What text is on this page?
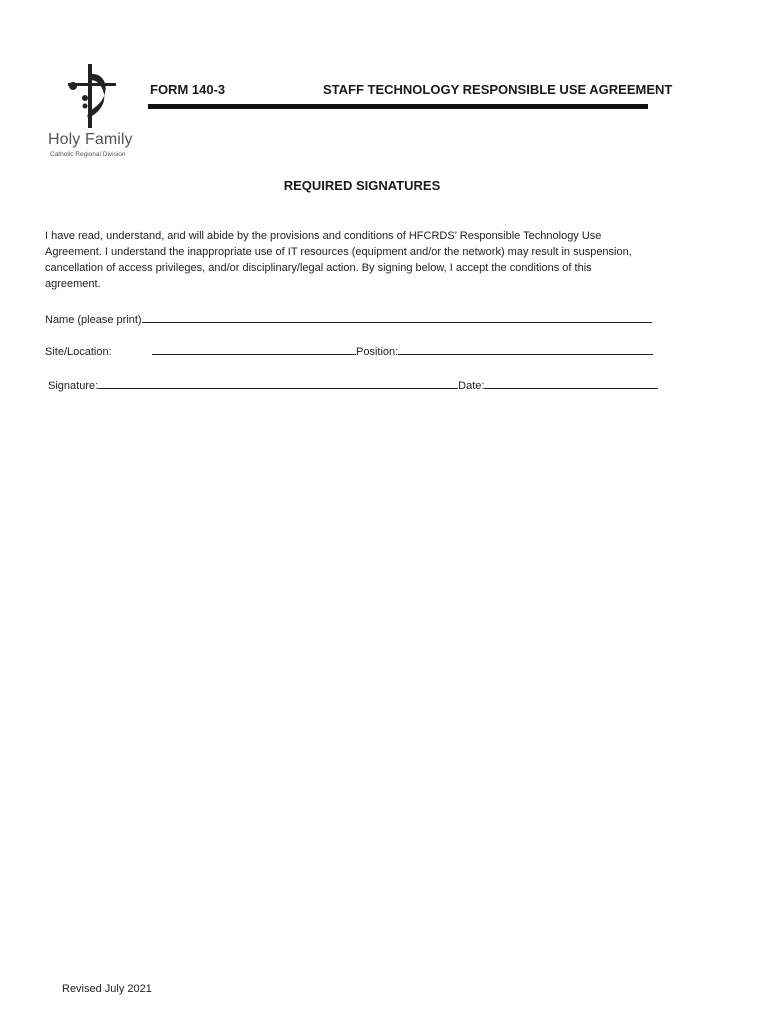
Holy Family
Catholic Regional Division
FORM 140-3	STAFF TECHNOLOGY RESPONSIBLE USE AGREEMENT
REQUIRED SIGNATURES
I have read, understand, and will abide by the provisions and conditions of HFCRDS’ Responsible Technology Use Agreement. I understand the inappropriate use of IT resources (equipment and/or the network) may result in suspension, cancellation of access privileges, and/or disciplinary/legal action. By signing below, I accept the conditions of this agreement.
Name (please print)
Site/Location:	Position:
Signature:	Date:
Revised July 2021
